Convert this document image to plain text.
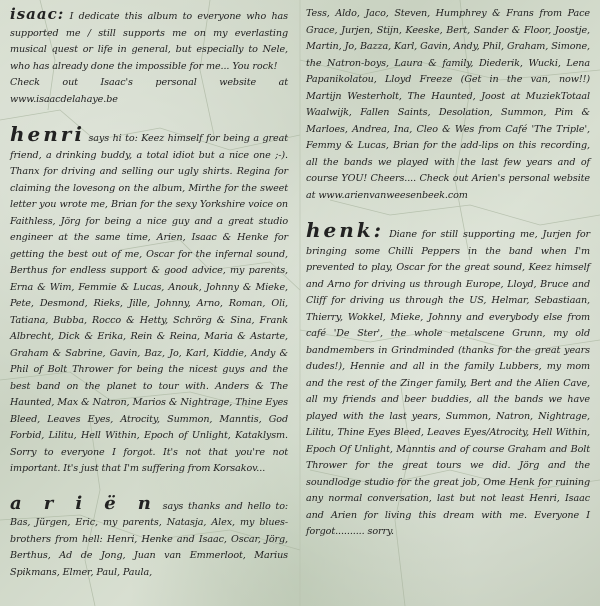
isaac: I dedicate this album to everyone who has supported me / still supports me on my everlasting musical quest or life in general, but especially to Nele, who has already done the impossible for me... You rock!
Check out Isaac's personal website at www.isaacdelahaye.be
henri says hi to: Keez himself for being a great friend, a drinking buddy, a total idiot but a nice one ;-). Thanx for driving and selling our ugly shirts. Regina for claiming the lovesong on the album, Mirthe for the sweet letter you wrote me, Brian for the sexy Yorkshire voice on Faithless, Jörg for being a nice guy and a great studio engineer at the same time, Arien, Isaac & Henke for getting the best out of me, Oscar for the infernal sound, Berthus for endless support & good advice, my parents, Erna & Wim, Femmie & Lucas, Anouk, Johnny & Mieke, Pete, Desmond, Rieks, Jille, Johnny, Arno, Roman, Oli, Tatiana, Bubba, Rocco & Hetty, Schrörg & Sina, Frank Albrecht, Dick & Erika, Rein & Reina, Maria & Astarte, Graham & Sabrine, Gavin, Baz, Jo, Karl, Kiddie, Andy & Phil of Bolt Thrower for being the nicest guys and the best band on the planet to tour with. Anders & The Haunted, Max & Natron, Marios & Nightrage, Thine Eyes Bleed, Leaves Eyes, Atrocity, Summon, Manntis, God Forbid, Lilitu, Hell Within, Epoch of Unlight, Kataklysm. Sorry to everyone I forgot. It's not that you're not important. It's just that I'm suffering from Korsakov...
a r i ë n says thanks and hello to: Bas, Jürgen, Eric, my parents, Natasja, Alex, my blues-brothers from hell: Henri, Henke and Isaac, Oscar, Jörg, Berthus, Ad de Jong, Juan van Emmerloot, Marius Spikmans, Elmer, Paul, Paula,
Tess, Aldo, Jaco, Steven, Humphrey & Frans from Pace Grace, Jurjen, Stijn, Keeske, Bert, Sander & Floor, Joostje, Martin, Jo, Bazza, Karl, Gavin, Andy, Phil, Graham, Simone, the Natron-boys, Laura & family, Diederik, Wucki, Lena Papanikolatou, Lloyd Freeze (Get in the van, now!!) Martijn Westerholt, The Haunted, Joost at MuziekTotaal Waalwijk, Fallen Saints, Desolation, Summon, Pim & Marloes, Andrea, Ina, Cleo & Wes from Café 'The Triple', Femmy & Lucas, Brian for the add-lips on this recording, all the bands we played with the last few years and of course YOU! Cheers.... Check out Arien's personal website at www.arienvanweesenbeek.com
henk: Diane for still supporting me, Jurjen for bringing some Chilli Peppers in the band when I'm prevented to play, Oscar for the great sound, Keez himself and Arno for driving us through Europe, Lloyd, Bruce and Cliff for driving us through the US, Helmar, Sebastiaan, Thierry, Wokkel, Mieke, Johnny and everybody else from café 'De Ster', the whole metalscene Grunn, my old bandmembers in Grindminded (thanks for the great years dudes!), Hennie and all in the family Lubbers, my mom and the rest of the Zinger family, Bert and the Alien Cave, all my friends and beer buddies, all the bands we have played with the last years, Summon, Natron, Nightrage, Lilitu, Thine Eyes Bleed, Leaves Eyes/Atrocity, Hell Within, Epoch Of Unlight, Manntis and of course Graham and Bolt Thrower for the great tours we did. Jörg and the soundlodge studio for the great job, Ome Henk for ruining any normal conversation, last but not least Henri, Isaac and Arien for living this dream with me. Everyone I forgot.......... sorry.
